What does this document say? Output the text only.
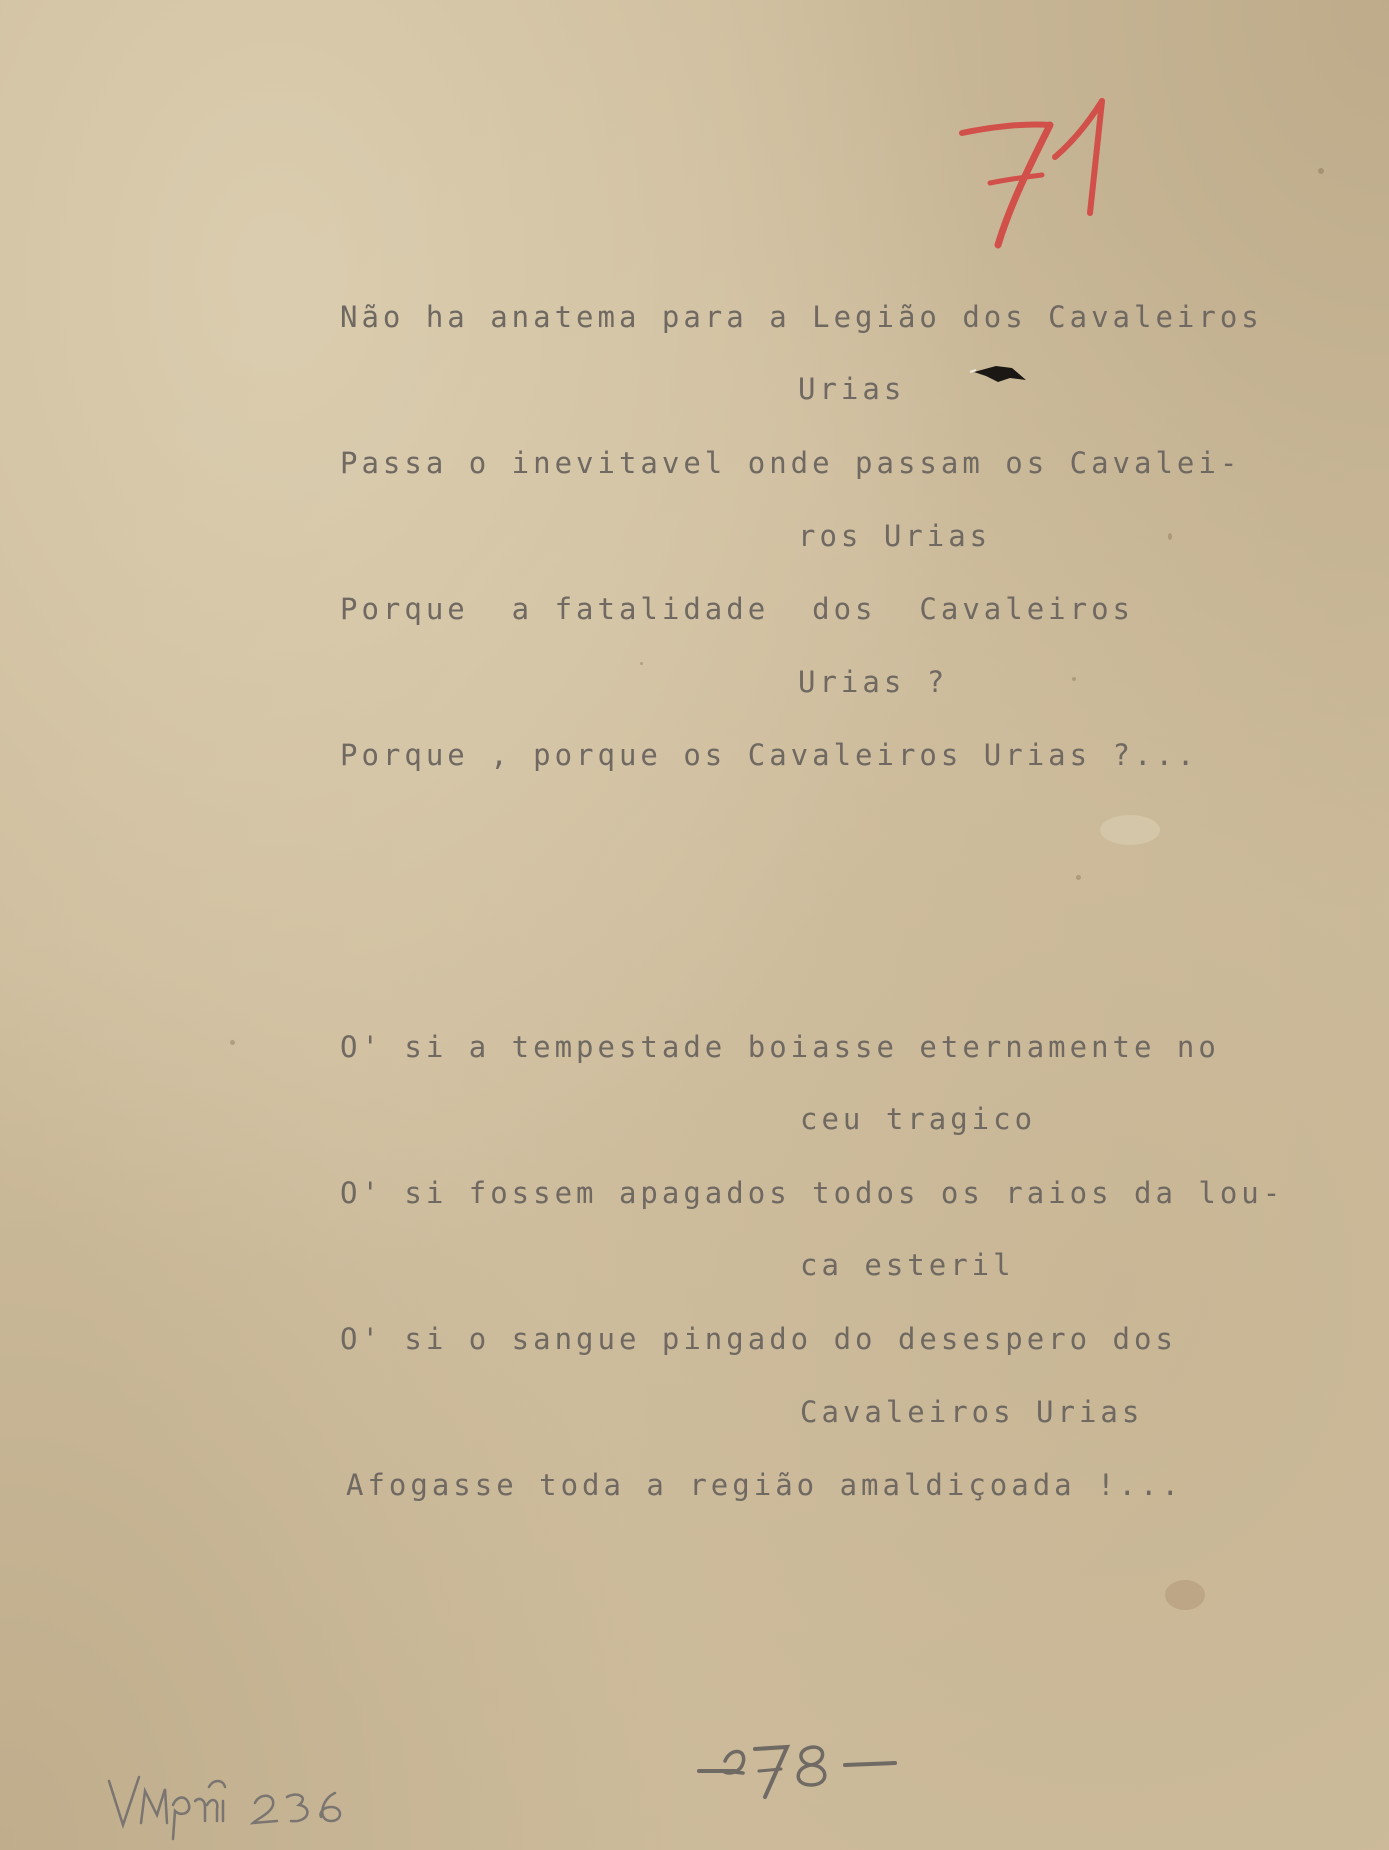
Não ha anatema para a Legião dos Cavaleiros
Urias
Passa o inevitavel onde passam os Cavalei-
ros Urias
Porque  a fatalidade  dos  Cavaleiros
Urias ?
Porque , porque os Cavaleiros Urias ?...
O' si a tempestade boiasse eternamente no
ceu tragico
O' si fossem apagados todos os raios da lou-
ca esteril
O' si o sangue pingado do desespero dos
Cavaleiros Urias
Afogasse toda a região amaldiçoada !...
